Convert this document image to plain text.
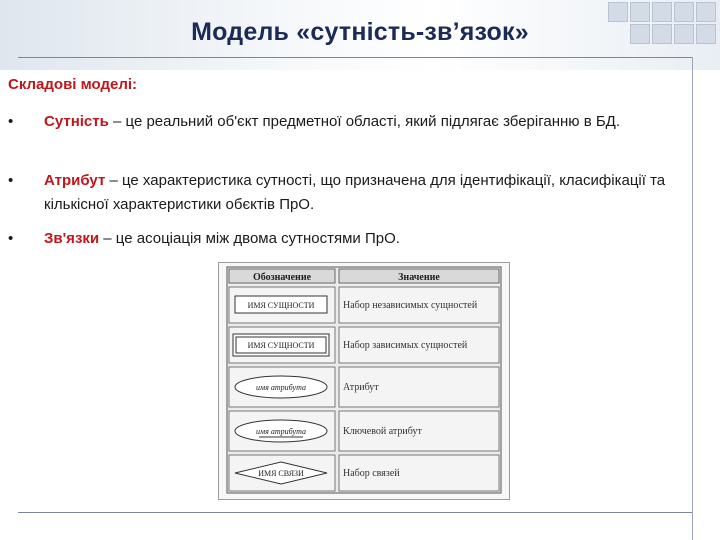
Модель «сутність-зв’язок»
Складові моделі:
• Сутність – це реальний об'єкт предметної області, який підлягає зберіганню в БД.
• Атрибут – це характеристика сутності, що призначена для ідентифікації, класифікації та кількісної характеристики обєктів ПрО.
• Зв'язки – це асоціація між двома сутностями ПрО.
Обозначение	Значение
ИМЯ СУЩНОСТИ	Набор независимых сущностей
ИМЯ СУЩНОСТИ	Набор зависимых сущностей
имя атрибута	Атрибут
имя атрибута	Ключевой атрибут
ИМЯ СВЯЗИ	Набор связей
